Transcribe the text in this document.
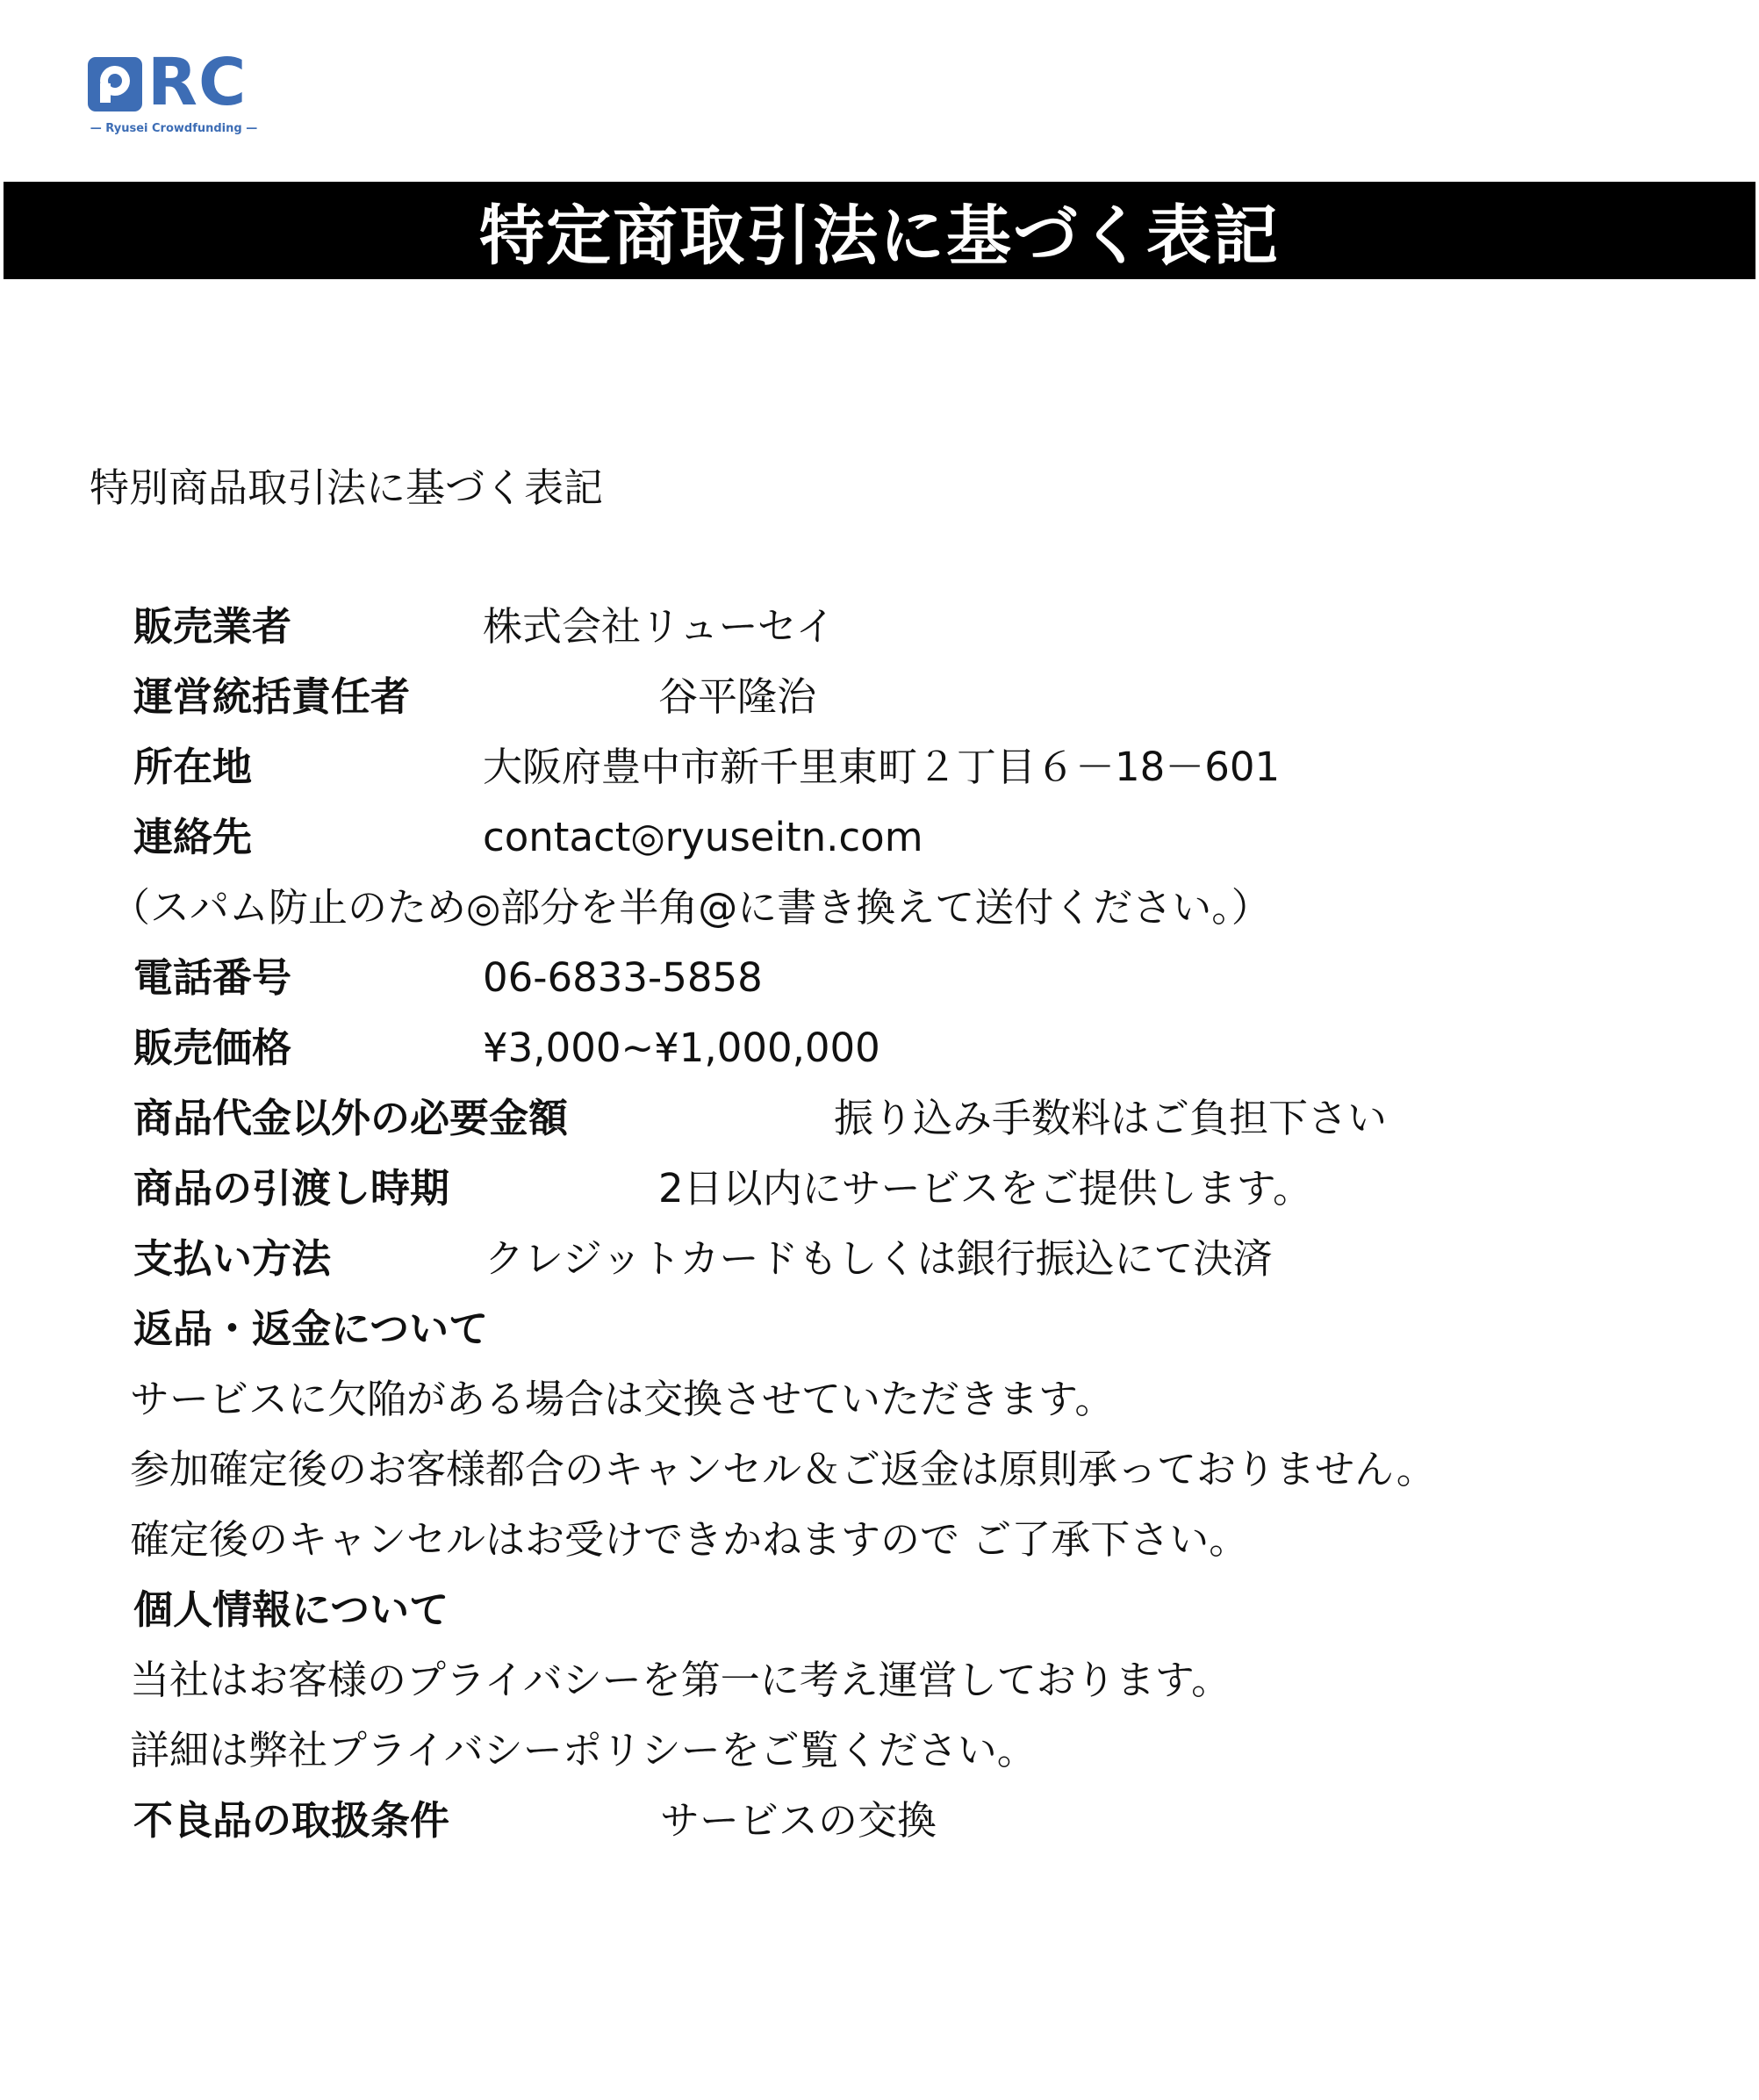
RC
— Ryusei Crowdfunding —
特定商取引法に基づく表記
特別商品取引法に基づく表記
販売業者	株式会社リューセイ
運営統括責任者	谷平隆治
所在地	大阪府豊中市新千里東町２丁目６－18－601
連絡先	contact◎ryuseitn.com
（スパム防止のため◎部分を半角@に書き換えて送付ください。）
電話番号	06-6833-5858
販売価格	¥3,000~¥1,000,000
商品代金以外の必要金額	振り込み手数料はご負担下さい
商品の引渡し時期	2日以内にサービスをご提供します。
支払い方法	クレジットカードもしくは銀行振込にて決済
返品・返金について
サービスに欠陥がある場合は交換させていただきます。
参加確定後のお客様都合のキャンセル＆ご返金は原則承っておりません。
確定後のキャンセルはお受けできかねますので ご了承下さい。
個人情報について
当社はお客様のプライバシーを第一に考え運営しております。
詳細は弊社プライバシーポリシーをご覧ください。
不良品の取扱条件	サービスの交換
